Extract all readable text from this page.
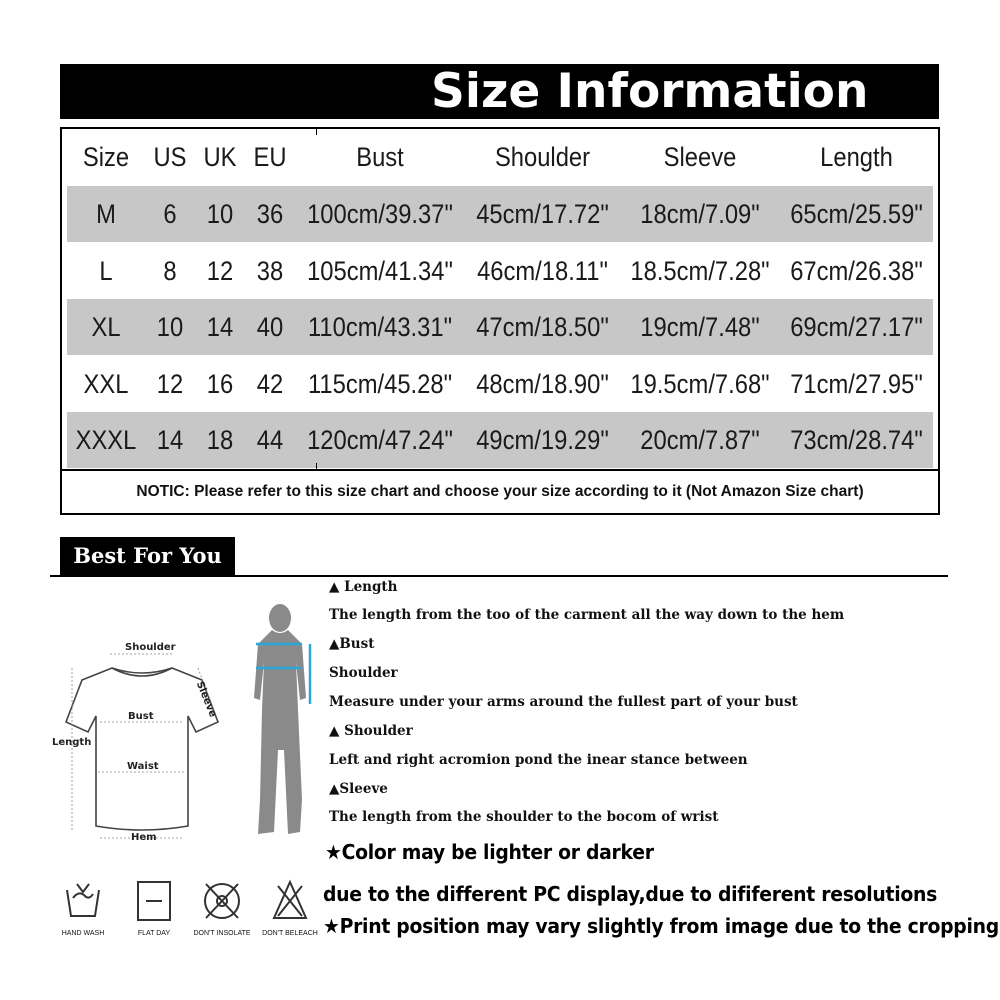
Size Information
Size US UK EU	Bust	Shoulder	Sleeve	Length
M	6	10 36 100cm/39.37" 45cm/17.72"	18cm/7.09"	65cm/25.59"
L	8	12 38 105cm/41.34" 46cm/18.11" 18.5cm/7.28" 67cm/26.38"
XL	10 14 40 110cm/43.31" 47cm/18.50"	19cm/7.48"	69cm/27.17"
XXL	12 16 42 115cm/45.28" 48cm/18.90" 19.5cm/7.68" 71cm/27.95"
XXXL 14 18 44 120cm/47.24" 49cm/19.29"	20cm/7.87"	73cm/28.74"
NOTIC: Please refer to this size chart and choose your size according to it (Not Amazon Size chart)
Best For You
Shoulder
Sleeve
Bust
Length
Waist
Hem
▲ Length
The length from the too of the carment all the way down to the hem
▲Bust
Shoulder
Measure under your arms around the fullest part of your bust
▲ Shoulder
Left and right acromion pond the inear stance between
▲Sleeve
The length from the shoulder to the bocom of wrist
★Color may be lighter or darker
due to the different PC display,due to dififerent resolutions
★Print position may vary slightly from image due to the cropping
HAND WASH	FLAT DAY	DON'T INSOLATE	DON'T BELEACH
